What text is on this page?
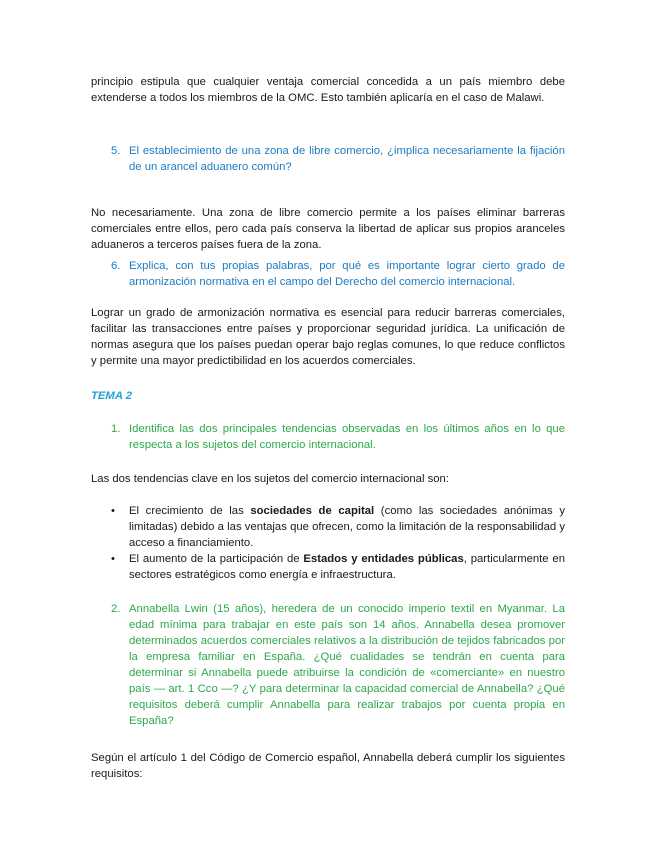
principio estipula que cualquier ventaja comercial concedida a un país miembro debe extenderse a todos los miembros de la OMC. Esto también aplicaría en el caso de Malawi.
5. El establecimiento de una zona de libre comercio, ¿implica necesariamente la fijación de un arancel aduanero común?
No necesariamente. Una zona de libre comercio permite a los países eliminar barreras comerciales entre ellos, pero cada país conserva la libertad de aplicar sus propios aranceles aduaneros a terceros países fuera de la zona.
6. Explica, con tus propias palabras, por qué es importante lograr cierto grado de armonización normativa en el campo del Derecho del comercio internacional.
Lograr un grado de armonización normativa es esencial para reducir barreras comerciales, facilitar las transacciones entre países y proporcionar seguridad jurídica. La unificación de normas asegura que los países puedan operar bajo reglas comunes, lo que reduce conflictos y permite una mayor predictibilidad en los acuerdos comerciales.
TEMA 2
1. Identifica las dos principales tendencias observadas en los últimos años en lo que respecta a los sujetos del comercio internacional.
Las dos tendencias clave en los sujetos del comercio internacional son:
• El crecimiento de las sociedades de capital (como las sociedades anónimas y limitadas) debido a las ventajas que ofrecen, como la limitación de la responsabilidad y acceso a financiamiento.
• El aumento de la participación de Estados y entidades públicas, particularmente en sectores estratégicos como energía e infraestructura.
2. Annabella Lwin (15 años), heredera de un conocido imperio textil en Myanmar. La edad mínima para trabajar en este país son 14 años. Annabella desea promover determinados acuerdos comerciales relativos a la distribución de tejidos fabricados por la empresa familiar en España. ¿Qué cualidades se tendrán en cuenta para determinar si Annabella puede atribuirse la condición de «comerciante» en nuestro país — art. 1 Cco —? ¿Y para determinar la capacidad comercial de Annabella? ¿Qué requisitos deberá cumplir Annabella para realizar trabajos por cuenta propia en España?
Según el artículo 1 del Código de Comercio español, Annabella deberá cumplir los siguientes requisitos:
